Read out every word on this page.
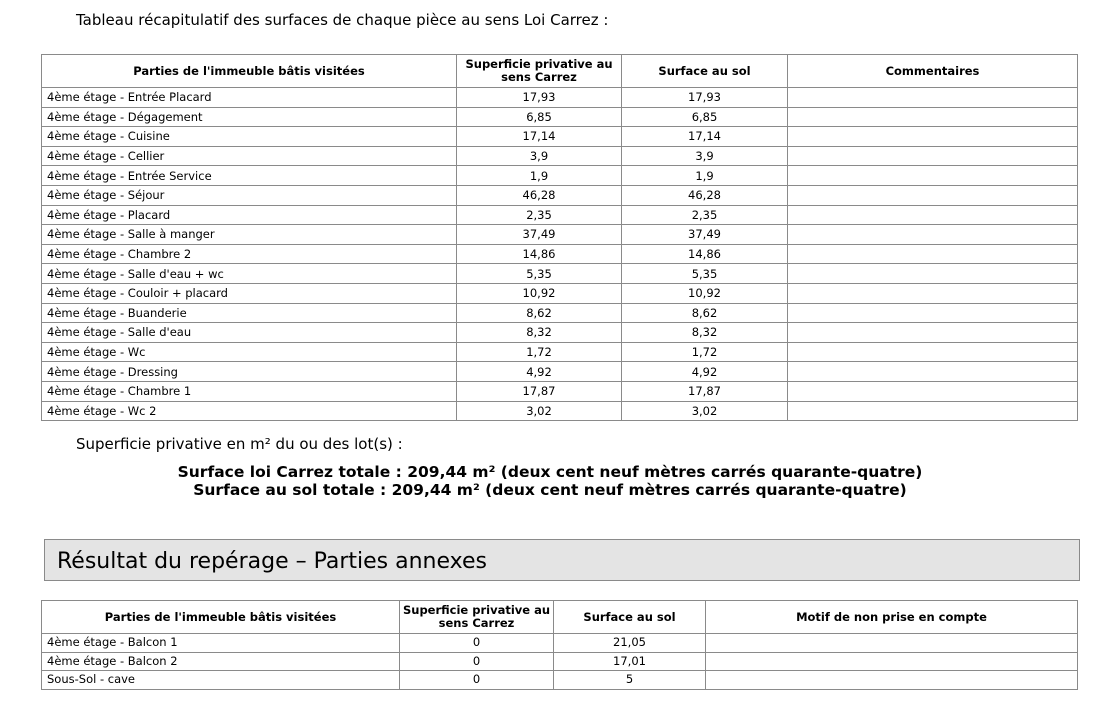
Tableau récapitulatif des surfaces de chaque pièce au sens Loi Carrez :
Parties de l'immeuble bâtis visitées	Superficie privative au sens Carrez	Surface au sol	Commentaires
4ème étage - Entrée Placard	17,93	17,93	
4ème étage - Dégagement	6,85	6,85	
4ème étage - Cuisine	17,14	17,14	
4ème étage - Cellier	3,9	3,9	
4ème étage - Entrée Service	1,9	1,9	
4ème étage - Séjour	46,28	46,28	
4ème étage - Placard	2,35	2,35	
4ème étage - Salle à manger	37,49	37,49	
4ème étage - Chambre 2	14,86	14,86	
4ème étage - Salle d'eau + wc	5,35	5,35	
4ème étage - Couloir + placard	10,92	10,92	
4ème étage - Buanderie	8,62	8,62	
4ème étage - Salle d'eau	8,32	8,32	
4ème étage - Wc	1,72	1,72	
4ème étage - Dressing	4,92	4,92	
4ème étage - Chambre 1	17,87	17,87	
4ème étage - Wc 2	3,02	3,02	
Superficie privative en m² du ou des lot(s) :
Surface loi Carrez totale : 209,44 m² (deux cent neuf mètres carrés quarante-quatre)
Surface au sol totale : 209,44 m² (deux cent neuf mètres carrés quarante-quatre)
Résultat du repérage – Parties annexes
Parties de l'immeuble bâtis visitées	Superficie privative au sens Carrez	Surface au sol	Motif de non prise en compte
4ème étage - Balcon 1	0	21,05	
4ème étage - Balcon 2	0	17,01	
Sous-Sol - cave	0	5	
